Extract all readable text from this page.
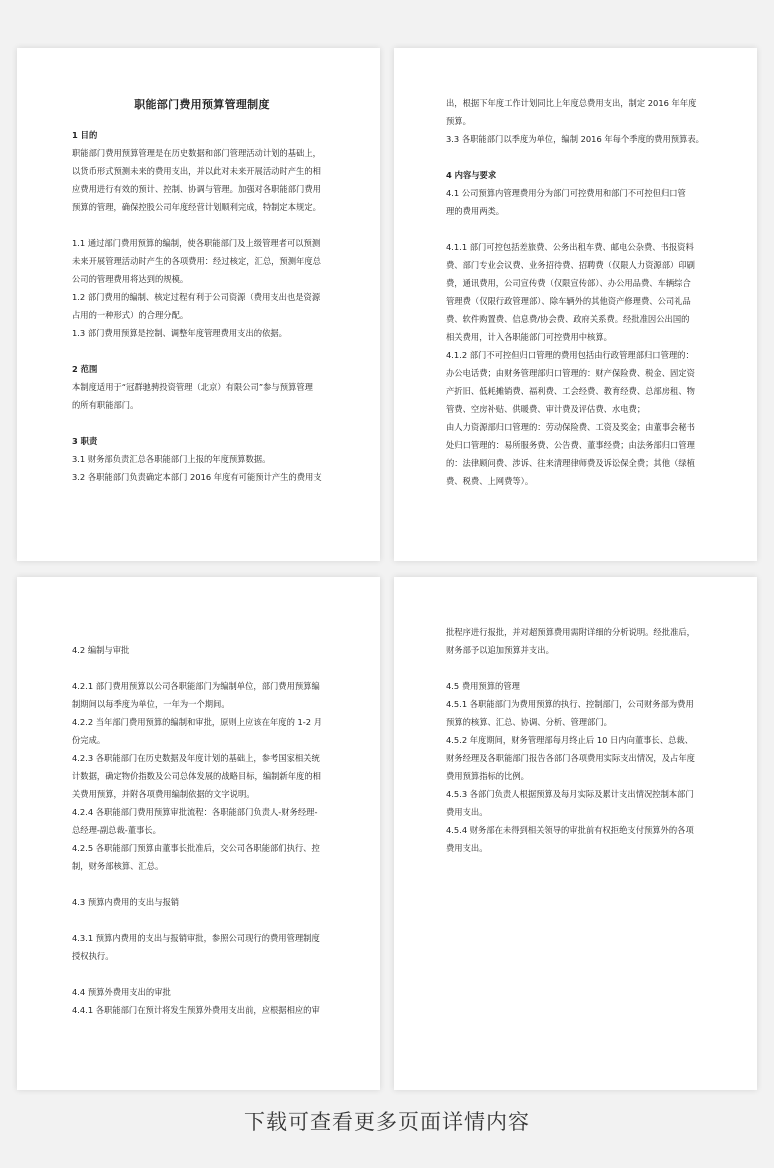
职能部门费用预算管理制度
1 目的
职能部门费用预算管理是在历史数据和部门管理活动计划的基础上，
以货币形式预测未来的费用支出，并以此对未来开展活动时产生的相
应费用进行有效的预计、控制、协调与管理。加强对各职能部门费用
预算的管理，确保控股公司年度经营计划顺利完成，特制定本规定。
1.1 通过部门费用预算的编制，使各职能部门及上级管理者可以预测
未来开展管理活动时产生的各项费用：经过核定，汇总，预测年度总
公司的管理费用将达到的规模。
1.2 部门费用的编制、核定过程有利于公司资源（费用支出也是资源
占用的一种形式）的合理分配。
1.3 部门费用预算是控制、调整年度管理费用支出的依据。
2 范围
本制度适用于“冠群驰骋投资管理（北京）有限公司”参与预算管理
的所有职能部门。
3 职责
3.1 财务部负责汇总各职能部门上报的年度预算数据。
3.2 各职能部门负责确定本部门 2016 年度有可能预计产生的费用支
出，根据下年度工作计划同比上年度总费用支出，制定 2016 年年度
预算。
3.3 各职能部门以季度为单位，编制 2016 年每个季度的费用预算表。
4 内容与要求
4.1 公司预算内管理费用分为部门可控费用和部门不可控但归口管
理的费用两类。
4.1.1 部门可控包括差旅费、公务出租车费、邮电公杂费、书报资料
费、部门专业会议费、业务招待费、招聘费（仅限人力资源部）印刷
费，通讯费用，公司宣传费（仅限宣传部）、办公用品费、车辆综合
管理费（仅限行政管理部）、除车辆外的其他资产修理费、公司礼品
费、软件购置费、信息费/协会费、政府关系费。经批准因公出国的
相关费用，计入各职能部门可控费用中核算。
4.1.2 部门不可控但归口管理的费用包括由行政管理部归口管理的：
办公电话费；由财务管理部归口管理的：财产保险费、税金、固定资
产折旧、低耗摊销费、福利费、工会经费、教育经费、总部房租、物
管费、空房补贴、供暖费、审计费及评估费、水电费；
由人力资源部归口管理的：劳动保险费、工资及奖金；由董事会秘书
处归口管理的：易所服务费、公告费、董事经费；由法务部归口管理
的：法律顾问费、涉诉、往来清理律师费及诉讼保全费；其他（绿植
费、税费、上网费等）。
4.2 编制与审批
4.2.1 部门费用预算以公司各职能部门为编制单位，部门费用预算编
制期间以每季度为单位，一年为一个期间。
4.2.2 当年部门费用预算的编制和审批，原则上应该在年度的 1-2 月
份完成。
4.2.3 各职能部门在历史数据及年度计划的基础上，参考国家相关统
计数据，确定物价指数及公司总体发展的战略目标，编制新年度的相
关费用预算，并附各项费用编制依据的文字说明。
4.2.4 各职能部门费用预算审批流程：各职能部门负责人-财务经理-
总经理-副总裁-董事长。
4.2.5 各职能部门预算由董事长批准后，交公司各职能部们执行、控
制，财务部核算、汇总。
4.3 预算内费用的支出与报销
4.3.1 预算内费用的支出与报销审批，参照公司现行的费用管理制度
授权执行。
4.4 预算外费用支出的审批
4.4.1 各职能部门在预计将发生预算外费用支出前，应根据相应的审
批程序进行报批，并对超预算费用需附详细的分析说明。经批准后，
财务部予以追加预算并支出。
4.5 费用预算的管理
4.5.1 各职能部门为费用预算的执行、控制部门，公司财务部为费用
预算的核算、汇总、协调、分析、管理部门。
4.5.2 年度期间，财务管理部每月终止后 10 日内向董事长、总裁、
财务经理及各职能部门报告各部门各项费用实际支出情况，及占年度
费用预算指标的比例。
4.5.3 各部门负责人根据预算及每月实际及累计支出情况控制本部门
费用支出。
4.5.4 财务部在未得到相关领导的审批前有权拒绝支付预算外的各项
费用支出。
下载可查看更多页面详情内容
